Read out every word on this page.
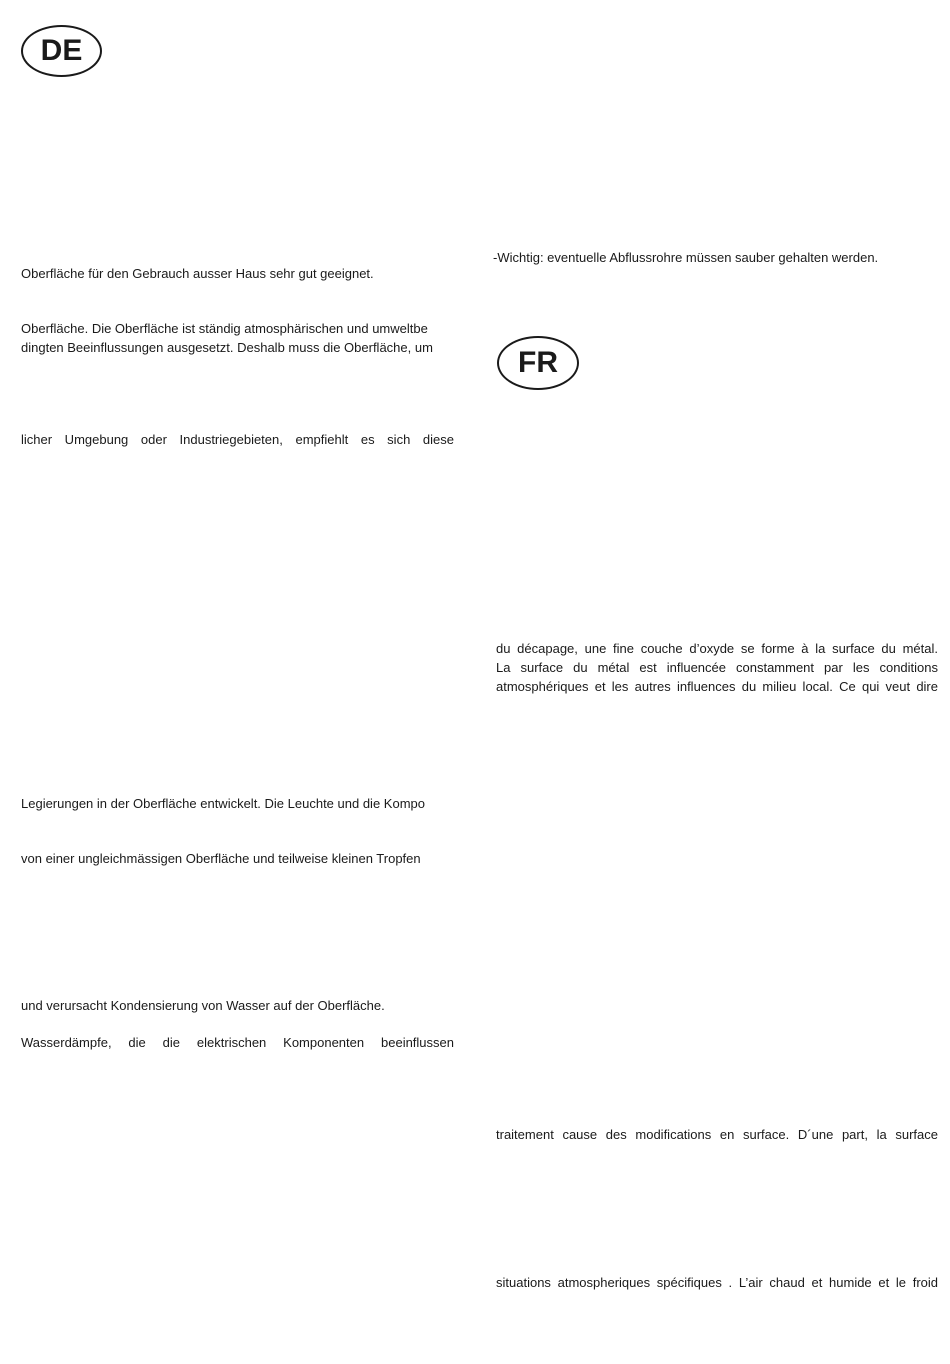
DE
FR
Oberfläche für den Gebrauch ausser Haus sehr gut geeignet.
Oberfläche. Die Oberfläche ist ständig atmosphärischen und umweltbe
dingten Beeinflussungen ausgesetzt. Deshalb muss die Oberfläche, um
licher Umgebung oder Industriegebieten, empfiehlt es sich diese
Legierungen in der Oberfläche entwickelt. Die Leuchte und die Kompo
von einer ungleichmässigen Oberfläche und teilweise kleinen Tropfen
und verursacht Kondensierung von Wasser auf der Oberfläche.
Wasserdämpfe, die die elektrischen Komponenten beeinflussen
-Wichtig: eventuelle Abflussrohre müssen sauber gehalten werden.
du décapage, une fine couche d’oxyde se forme à la surface du métal.
La surface du métal est influencée constamment par les conditions
atmosphériques et les autres influences du milieu local. Ce qui veut dire
traitement cause des modifications en surface. D´une part, la surface
situations atmospheriques spécifiques . L’air chaud et humide et le froid
